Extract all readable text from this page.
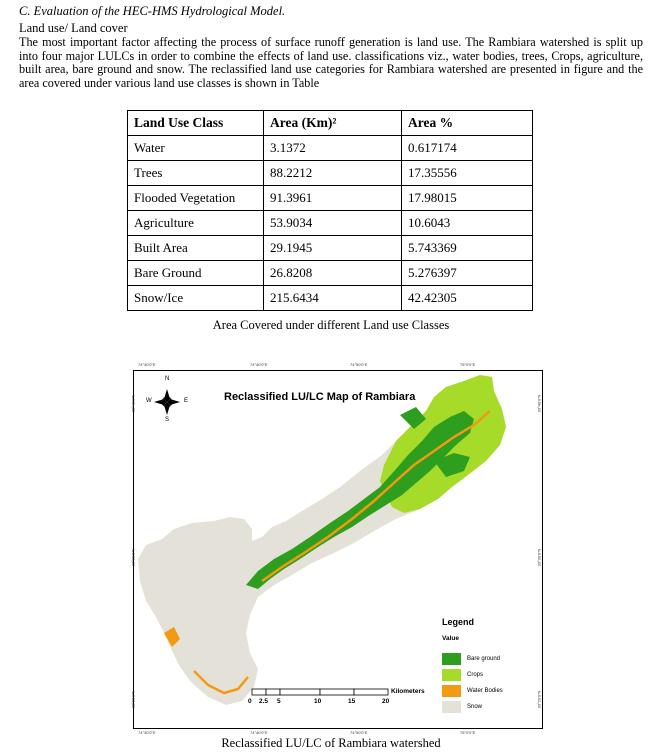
C. Evaluation of the HEC-HMS Hydrological Model.
Land use/ Land cover
The most important factor affecting the process of surface runoff generation is land use. The Rambiara watershed is split up into four major LULCs in order to combine the effects of land use. classifications viz., water bodies, trees, Crops, agriculture, built area, bare ground and snow. The reclassified land use categories for Rambiara watershed are presented in figure and the area covered under various land use classes is shown in Table
Land Use Class	Area (Km)²	Area %
Water	3.1372	0.617174
Trees	88.2212	17.35556
Flooded Vegetation	91.3961	17.98015
Agriculture	53.9034	10.6043
Built Area	29.1945	5.743369
Bare Ground	26.8208	5.276397
Snow/Ice	215.6434	42.42305
Area Covered under different Land use Classes
Reclassified LU/LC Map of Rambiara
N
S
W	E
74°30'0"E	74°40'0"E	74°50'0"E	75°0'0"E
74°30'0"E	74°40'0"E	74°50'0"E	75°0'0"E
33°40'0"N
33°30'0"N
33°20'0"N
33°40'0"N
33°30'0"N
33°20'0"N
Legend
Value
Bare ground
Crops
Water Bodies
Snow
0 2.5 5	10	15	20
Kilometers
Reclassified LU/LC of Rambiara watershed
